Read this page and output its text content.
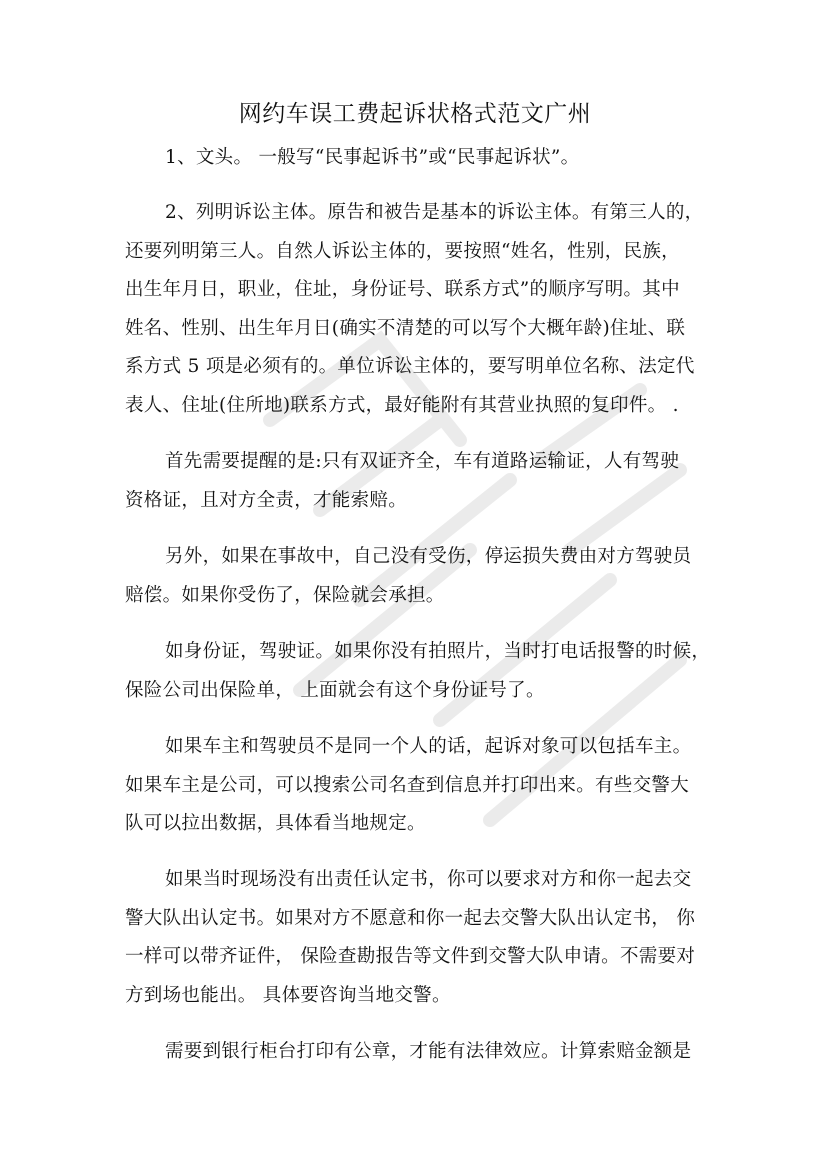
网约车误工费起诉状格式范文广州
1、文头。 一般写“民事起诉书”或“民事起诉状”。
2、列明诉讼主体。原告和被告是基本的诉讼主体。有第三人的，
还要列明第三人。自然人诉讼主体的，要按照“姓名，性别，民族，
出生年月日，职业，住址，身份证号、联系方式”的顺序写明。其中
姓名、性别、出生年月日(确实不清楚的可以写个大概年龄)住址、联
系方式 5 项是必须有的。单位诉讼主体的，要写明单位名称、法定代
表人、住址(住所地)联系方式，最好能附有其营业执照的复印件。 .
首先需要提醒的是:只有双证齐全，车有道路运输证，人有驾驶
资格证，且对方全责，才能索赔。
另外，如果在事故中，自己没有受伤，停运损失费由对方驾驶员
赔偿。如果你受伤了，保险就会承担。
如身份证，驾驶证。如果你没有拍照片，当时打电话报警的时候，
保险公司出保险单， 上面就会有这个身份证号了。
如果车主和驾驶员不是同一个人的话，起诉对象可以包括车主。
如果车主是公司，可以搜索公司名查到信息并打印出来。有些交警大
队可以拉出数据，具体看当地规定。
如果当时现场没有出责任认定书，你可以要求对方和你一起去交
警大队出认定书。如果对方不愿意和你一起去交警大队出认定书， 你
一样可以带齐证件， 保险查勘报告等文件到交警大队申请。不需要对
方到场也能出。 具体要咨询当地交警。
需要到银行柜台打印有公章，才能有法律效应。计算索赔金额是
